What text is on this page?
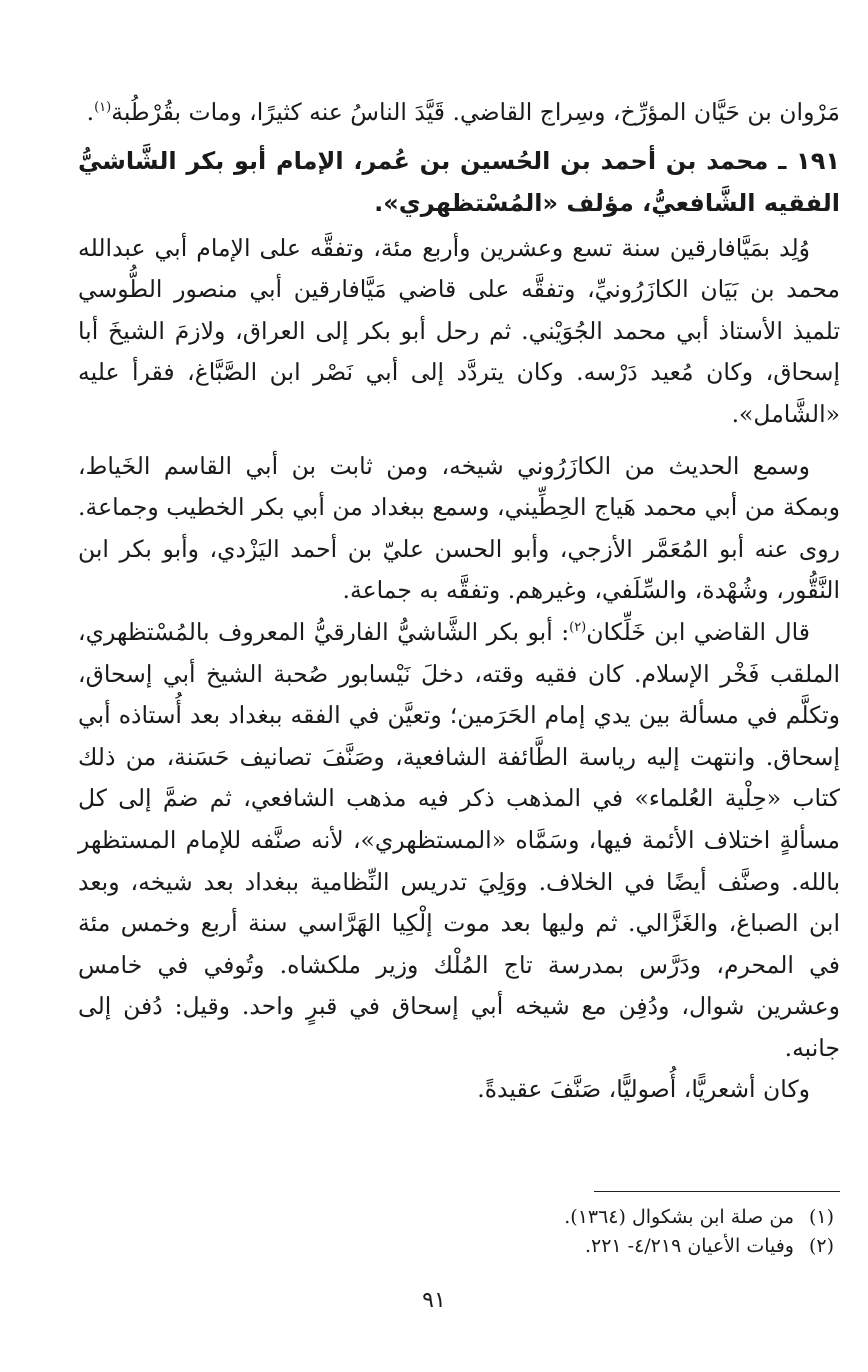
مَرْوان بن حَيَّان المؤرِّخ، وسِراج القاضي. قَيَّدَ الناسُ عنه كثيرًا، ومات بقُرْطُبة$^{(١)}$.

١٩١ ـ محمد بن أحمد بن الحُسين بن عُمر، الإمام أبو بكر الشَّاشيُّ الفقيه الشَّافعيُّ، مؤلف «المُسْتظهري».

وُلِد بمَيَّافارقين سنة تسع وعشرين وأربع مئة، وتفقَّه على الإمام أبي عبدالله محمد بن بَيَان الكازَرُونيِّ، وتفقَّه على قاضي مَيَّافارقين أبي منصور الطُّوسي تلميذ الأستاذ أبي محمد الجُوَيْني. ثم رحل أبو بكر إلى العراق، ولازمَ الشيخَ أبا إسحاق، وكان مُعيد دَرْسه. وكان يتردَّد إلى أبي نَصْر ابن الصَّبَّاغ، فقرأ عليه «الشَّامل».

وسمع الحديث من الكازَرُوني شيخه، ومن ثابت بن أبي القاسم الخَياط، وبمكة من أبي محمد هَياج الحِطِّيني، وسمع ببغداد من أبي بكر الخطيب وجماعة. روى عنه أبو المُعَمَّر الأزجي، وأبو الحسن عليّ بن أحمد اليَزْدي، وأبو بكر ابن النَّقُّور، وشُهْدة، والسِّلَفي، وغيرهم. وتفقَّه به جماعة.

قال القاضي ابن خَلِّكان$^{(٢)}$: أبو بكر الشَّاشيُّ الفارقيُّ المعروف بالمُسْتظهري، الملقب فَخْر الإسلام. كان فقيه وقته، دخلَ نَيْسابور صُحبة الشيخ أبي إسحاق، وتكلَّم في مسألة بين يدي إمام الحَرَمين؛ وتعيَّن في الفقه ببغداد بعد أُستاذه أبي إسحاق. وانتهت إليه رياسة الطَّائفة الشافعية، وصَنَّفَ تصانيف حَسَنة، من ذلك كتاب «حِلْية العُلماء» في المذهب ذكر فيه مذهب الشافعي، ثم ضمَّ إلى كل مسألةٍ اختلاف الأئمة فيها، وسَمَّاه «المستظهري»، لأنه صنَّفه للإمام المستظهر بالله. وصنَّف أيضًا في الخلاف. ووَلِيَ تدريس النِّظامية ببغداد بعد شيخه، وبعد ابن الصباغ، والغَزَّالي. ثم وليها بعد موت إلْكِيا الهَرَّاسي سنة أربع وخمس مئة في المحرم، ودَرَّس بمدرسة تاج المُلْك وزير ملكشاه. وتُوفي في خامس وعشرين شوال، ودُفِن مع شيخه أبي إسحاق في قبرٍ واحد. وقيل: دُفن إلى جانبه.

وكان أشعريًّا، أُصوليًّا، صَنَّفَ عقيدةً.

(١)من صلة ابن بشكوال (١٣٦٤).

(٢)وفيات الأعيان ٤/٢١٩- ٢٢١.

٩١
